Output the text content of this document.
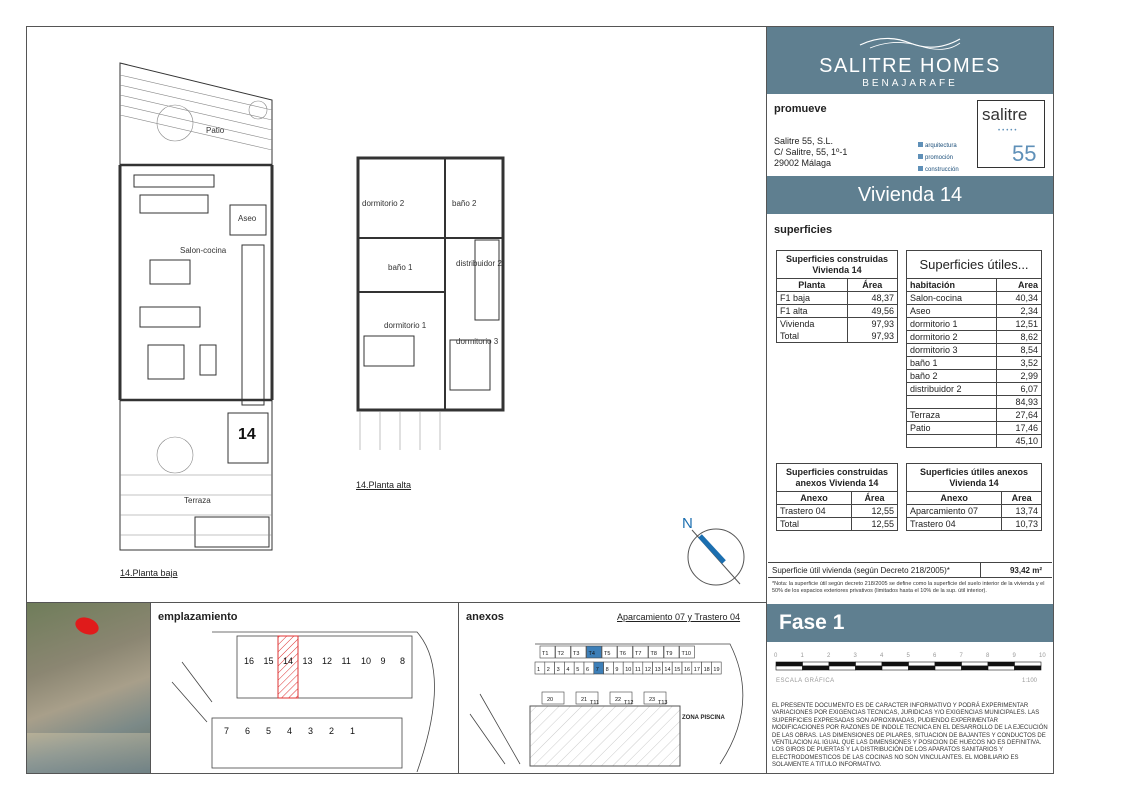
SALITRE HOMES
BENAJARAFE
promueve
Salitre 55, S.L.
C/ Salitre, 55, 1º-1
29002 Málaga
arquitectura
promoción
construcción
salitre
•••••
55
Vivienda 14
superficies
Superficies construidas Vivienda 14	
Planta	Área
F1 baja	48,37
F1 alta	49,56
Vivienda	97,93
Total	97,93
Superficies útiles...	
habitación	Area
Salon-cocina	40,34
Aseo	2,34
dormitorio 1	12,51
dormitorio 2	8,62
dormitorio 3	8,54
baño 1	3,52
baño 2	2,99
distribuidor 2	6,07
	84,93
Terraza	27,64
Patio	17,46
	45,10
Superficies construidas anexos Vivienda 14	
Anexo	Área
Trastero 04	12,55
Total	12,55
Superficies útiles anexos Vivienda 14	
Anexo	Area
Aparcamiento 07	13,74
Trastero 04	10,73
Superficie útil vivienda (según Decreto 218/2005)*	93,42 m²
*Nota: la superficie útil según decreto 218/2005 se define como la superficie del suelo interior de la vivienda y el 50% de los espacios exteriores privativos (limitados hasta el 10% de la sup. útil interior).
Fase 1
0	1	2	3	4	5	6	7	8	9	10
ESCALA GRÁFICA	1:100
EL PRESENTE DOCUMENTO ES DE CARACTER INFORMATIVO Y PODRÁ EXPERIMENTAR VARIACIONES POR EXIGENCIAS TECNICAS, JURIDICAS Y/O EXIGENCIAS MUNICIPALES. LAS SUPERFICIES EXPRESADAS SON APROXIMADAS, PUDIENDO EXPERIMENTAR MODIFICACIONES POR RAZONES DE INDOLE TECNICA EN EL DESARROLLO DE LA EJECUCIÓN DE LAS OBRAS. LAS DIMENSIONES DE PILARES, SITUACION DE BAJANTES Y CONDUCTOS DE VENTILACION AL IGUAL QUE LAS DIMENSIONES Y POSICION DE HUECOS NO ES DEFINITIVA. LOS GIROS DE PUERTAS Y LA DISTRIBUCIÓN DE LOS APARATOS SANITARIOS Y ELECTRODOMESTICOS DE LAS COCINAS NO SON VINCULANTES. EL MOBILIARIO ES SOLAMENTE A TITULO INFORMATIVO.
Patio
Aseo
Salon-cocina
Terraza
14
14.Planta baja
dormitorio 2	baño 2
baño 1	distribuidor 2
dormitorio 1
dormitorio 3
14.Planta alta
N
emplazamiento
16 15 14 13 12 11 10 9 8
7 6 5 4 3 2 1
anexos	Aparcamiento 07 y Trastero 04
T1 T2 T3 T4 T5 T6 T7 T8 T9 T10
1 2 3 4 5 6 7 8 9 10 11 12 13 14 15 16 17 18 19
20	21	22	23
T11	T12	T13
ZONA PISCINA
